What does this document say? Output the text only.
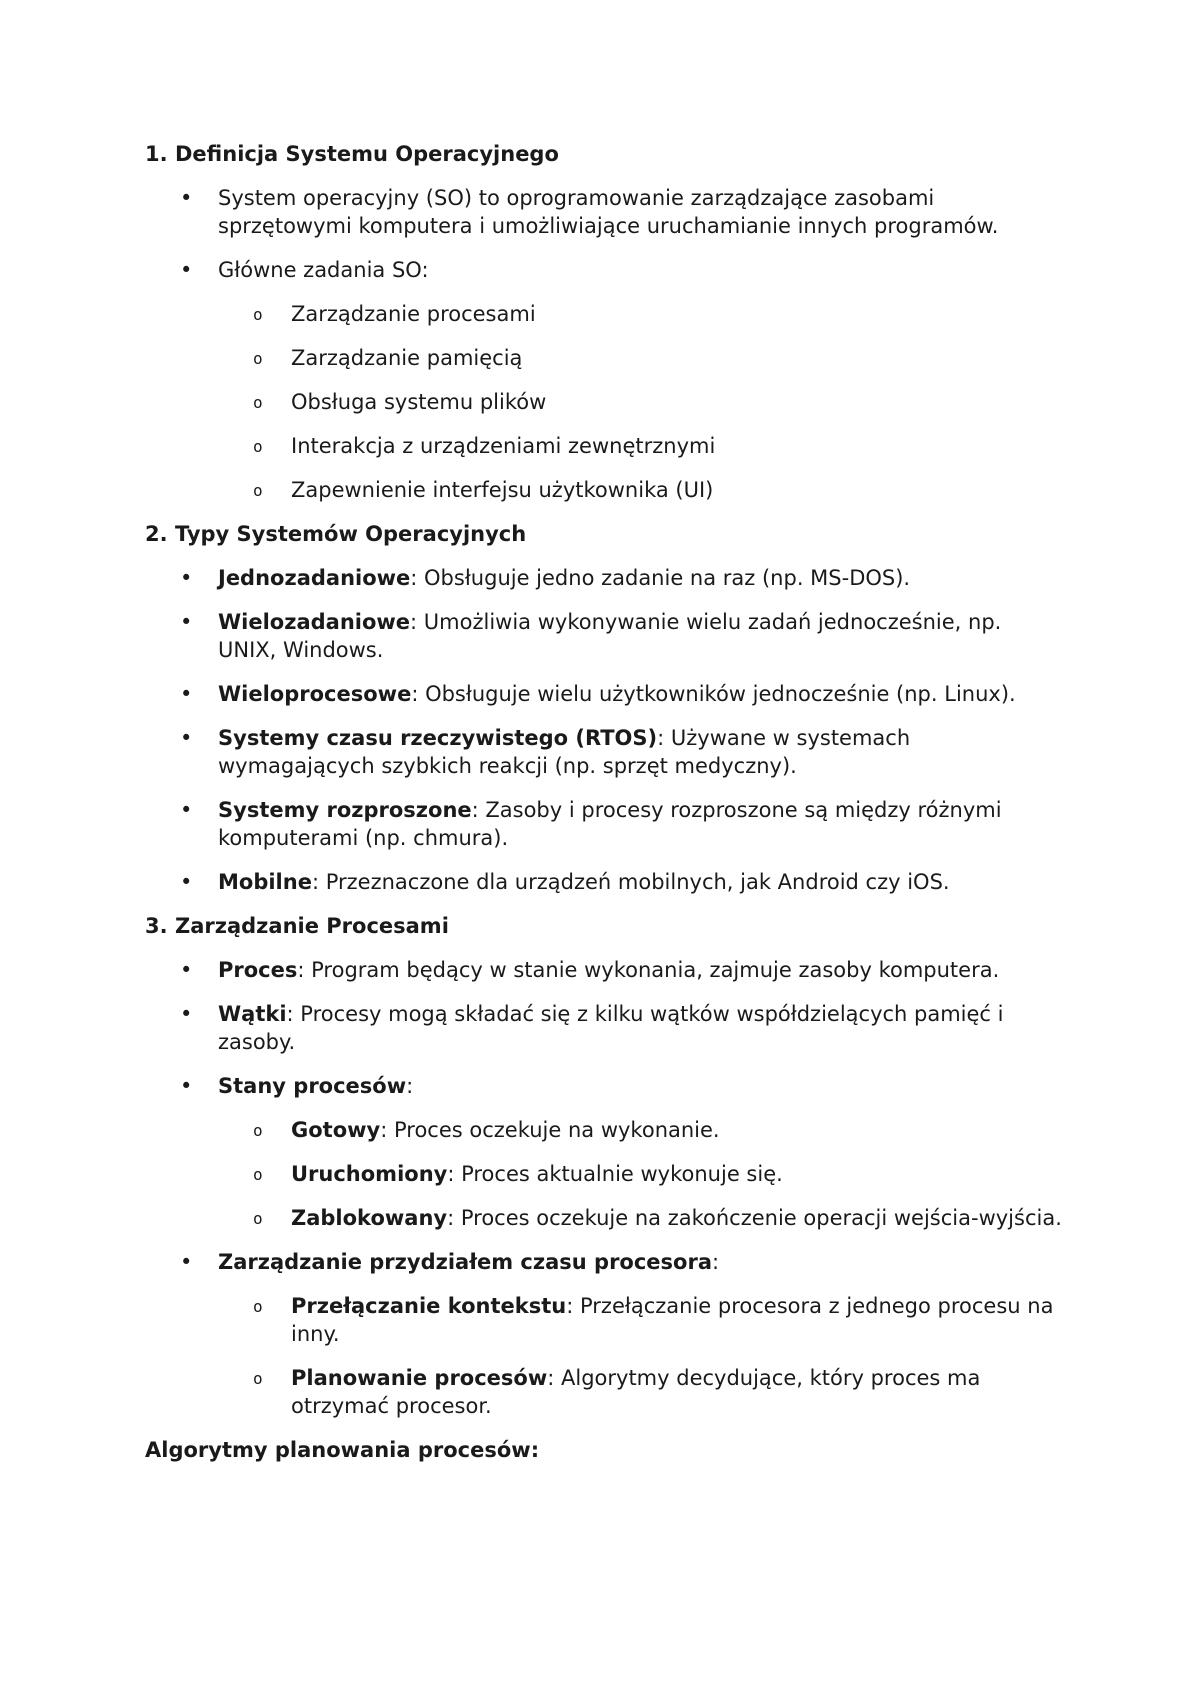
1. Definicja Systemu Operacyjnego
• System operacyjny (SO) to oprogramowanie zarządzające zasobami sprzętowymi komputera i umożliwiające uruchamianie innych programów.
• Główne zadania SO:
o Zarządzanie procesami
o Zarządzanie pamięcią
o Obsługa systemu plików
o Interakcja z urządzeniami zewnętrznymi
o Zapewnienie interfejsu użytkownika (UI)
2. Typy Systemów Operacyjnych
• Jednozadaniowe: Obsługuje jedno zadanie na raz (np. MS-DOS).
• Wielozadaniowe: Umożliwia wykonywanie wielu zadań jednocześnie, np. UNIX, Windows.
• Wieloprocesowe: Obsługuje wielu użytkowników jednocześnie (np. Linux).
• Systemy czasu rzeczywistego (RTOS): Używane w systemach wymagających szybkich reakcji (np. sprzęt medyczny).
• Systemy rozproszone: Zasoby i procesy rozproszone są między różnymi komputerami (np. chmura).
• Mobilne: Przeznaczone dla urządzeń mobilnych, jak Android czy iOS.
3. Zarządzanie Procesami
• Proces: Program będący w stanie wykonania, zajmuje zasoby komputera.
• Wątki: Procesy mogą składać się z kilku wątków współdzielących pamięć i zasoby.
• Stany procesów:
o Gotowy: Proces oczekuje na wykonanie.
o Uruchomiony: Proces aktualnie wykonuje się.
o Zablokowany: Proces oczekuje na zakończenie operacji wejścia-wyjścia.
• Zarządzanie przydziałem czasu procesora:
o Przełączanie kontekstu: Przełączanie procesora z jednego procesu na inny.
o Planowanie procesów: Algorytmy decydujące, który proces ma otrzymać procesor.
Algorytmy planowania procesów:
